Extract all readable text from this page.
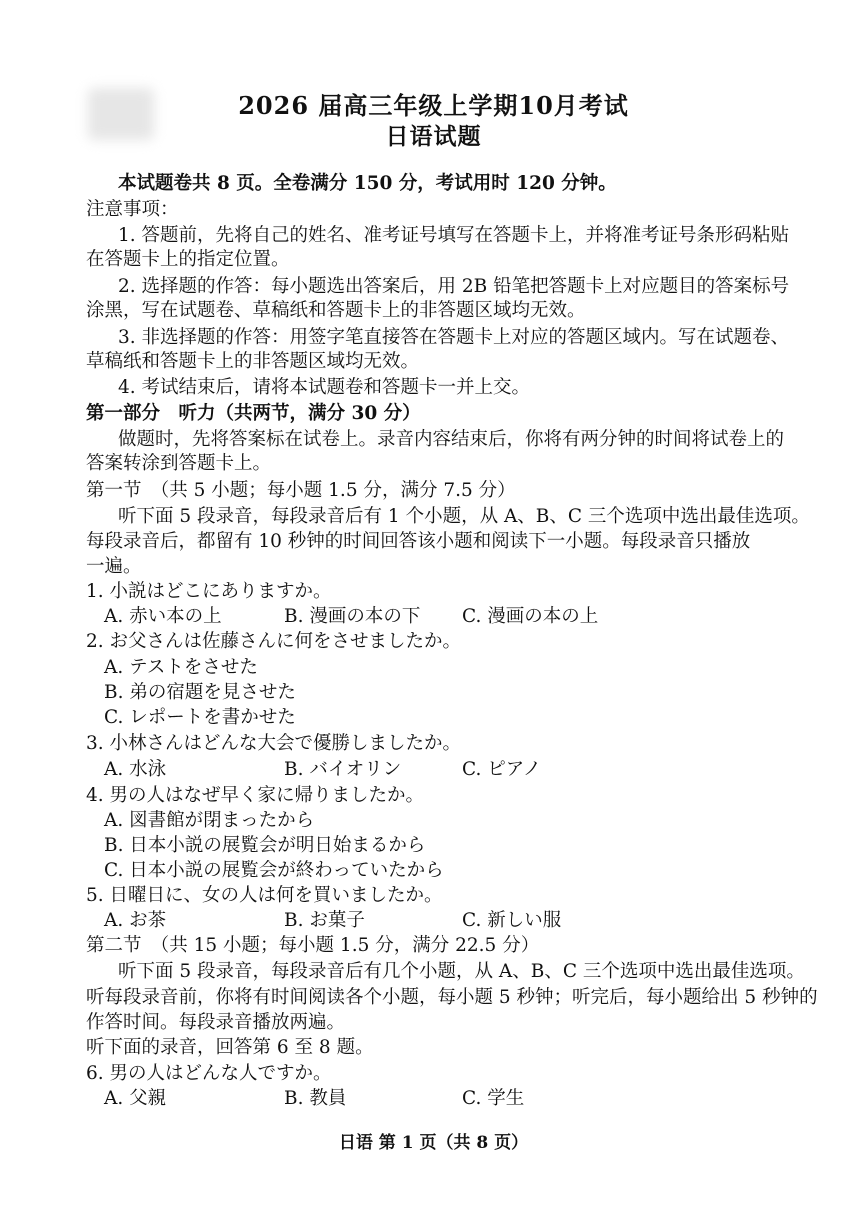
2026 届高三年级上学期10月考试
日语试题
本试题卷共 8 页。全卷满分 150 分，考试用时 120 分钟。
注意事项：
1. 答题前，先将自己的姓名、准考证号填写在答题卡上，并将准考证号条形码粘贴
在答题卡上的指定位置。
2. 选择题的作答：每小题选出答案后，用 2B 铅笔把答题卡上对应题目的答案标号
涂黑，写在试题卷、草稿纸和答题卡上的非答题区域均无效。
3. 非选择题的作答：用签字笔直接答在答题卡上对应的答题区域内。写在试题卷、
草稿纸和答题卡上的非答题区域均无效。
4. 考试结束后，请将本试题卷和答题卡一并上交。
第一部分　听力（共两节，满分 30 分）
做题时，先将答案标在试卷上。录音内容结束后，你将有两分钟的时间将试卷上的
答案转涂到答题卡上。
第一节　（共 5 小题；每小题 1.5 分，满分 7.5 分）
听下面 5 段录音，每段录音后有 1 个小题，从 A、B、C 三个选项中选出最佳选项。
每段录音后，都留有 10 秒钟的时间回答该小题和阅读下一小题。每段录音只播放
一遍。
1. 小説はどこにありますか。
A. 赤い本の上	B. 漫画の本の下 C. 漫画の本の上
2. お父さんは佐藤さんに何をさせましたか。
A. テストをさせた
B. 弟の宿題を見させた
C. レポートを書かせた
3. 小林さんはどんな大会で優勝しましたか。
A. 水泳	B. バイオリン	C. ピアノ
4. 男の人はなぜ早く家に帰りましたか。
A. 図書館が閉まったから
B. 日本小説の展覧会が明日始まるから
C. 日本小説の展覧会が終わっていたから
5. 日曜日に、女の人は何を買いましたか。
A. お茶	B. お菓子	C. 新しい服
第二节　（共 15 小题；每小题 1.5 分，满分 22.5 分）
听下面 5 段录音，每段录音后有几个小题，从 A、B、C 三个选项中选出最佳选项。
听每段录音前，你将有时间阅读各个小题，每小题 5 秒钟；听完后，每小题给出 5 秒钟的
作答时间。每段录音播放两遍。
听下面的录音，回答第 6 至 8 题。
6. 男の人はどんな人ですか。
A. 父親	B. 教員	C. 学生
日语 第 1 页（共 8 页）
